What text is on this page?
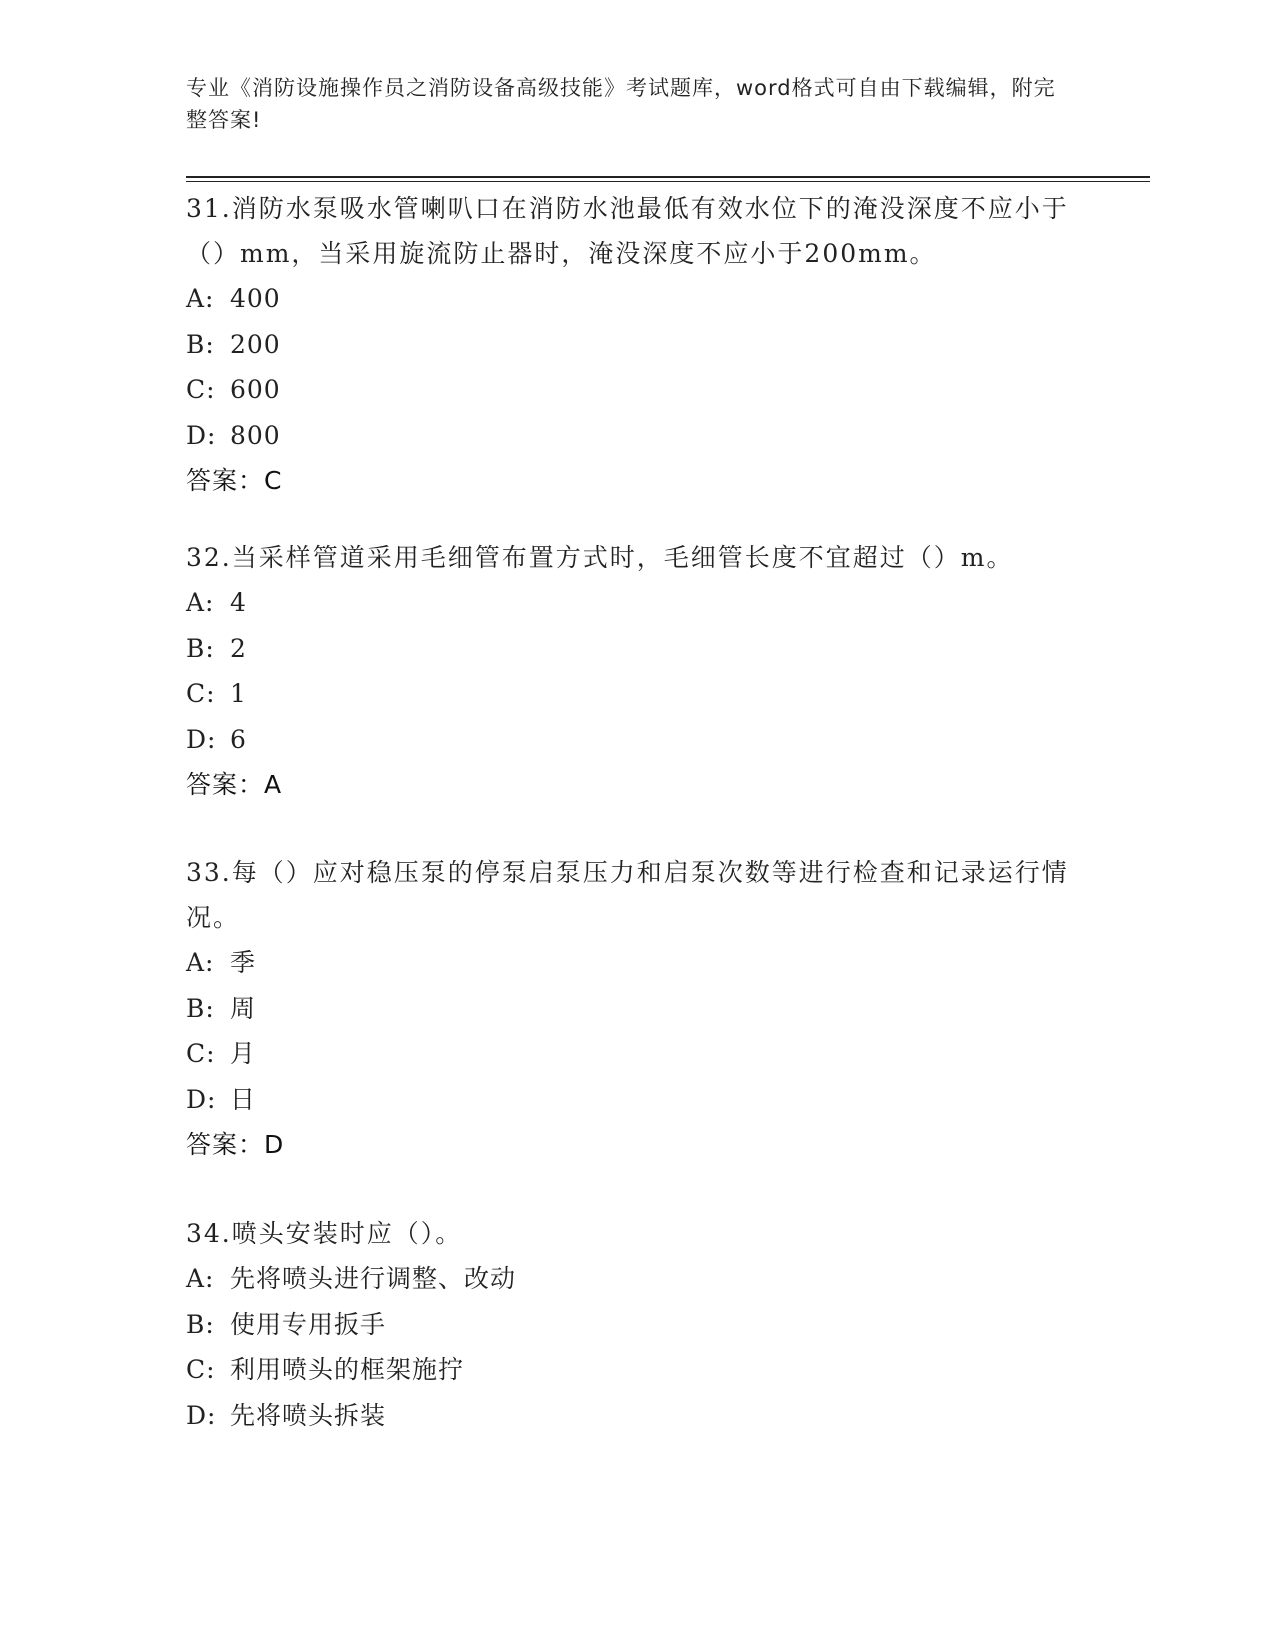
专业《消防设施操作员之消防设备高级技能》考试题库，word格式可自由下载编辑，附完整答案!

31.消防水泵吸水管喇叭口在消防水池最低有效水位下的淹没深度不应小于（）mm，当采用旋流防止器时，淹没深度不应小于200mm。

A: 400

B: 200

C: 600

D: 800

答案：C

32.当采样管道采用毛细管布置方式时，毛细管长度不宜超过（）m。

A: 4

B: 2

C: 1

D: 6

答案：A

33.每（）应对稳压泵的停泵启泵压力和启泵次数等进行检查和记录运行情况。

A: 季

B: 周

C: 月

D: 日

答案：D

34.喷头安装时应（）。

A: 先将喷头进行调整、改动

B: 使用专用扳手

C: 利用喷头的框架施拧

D: 先将喷头拆装
